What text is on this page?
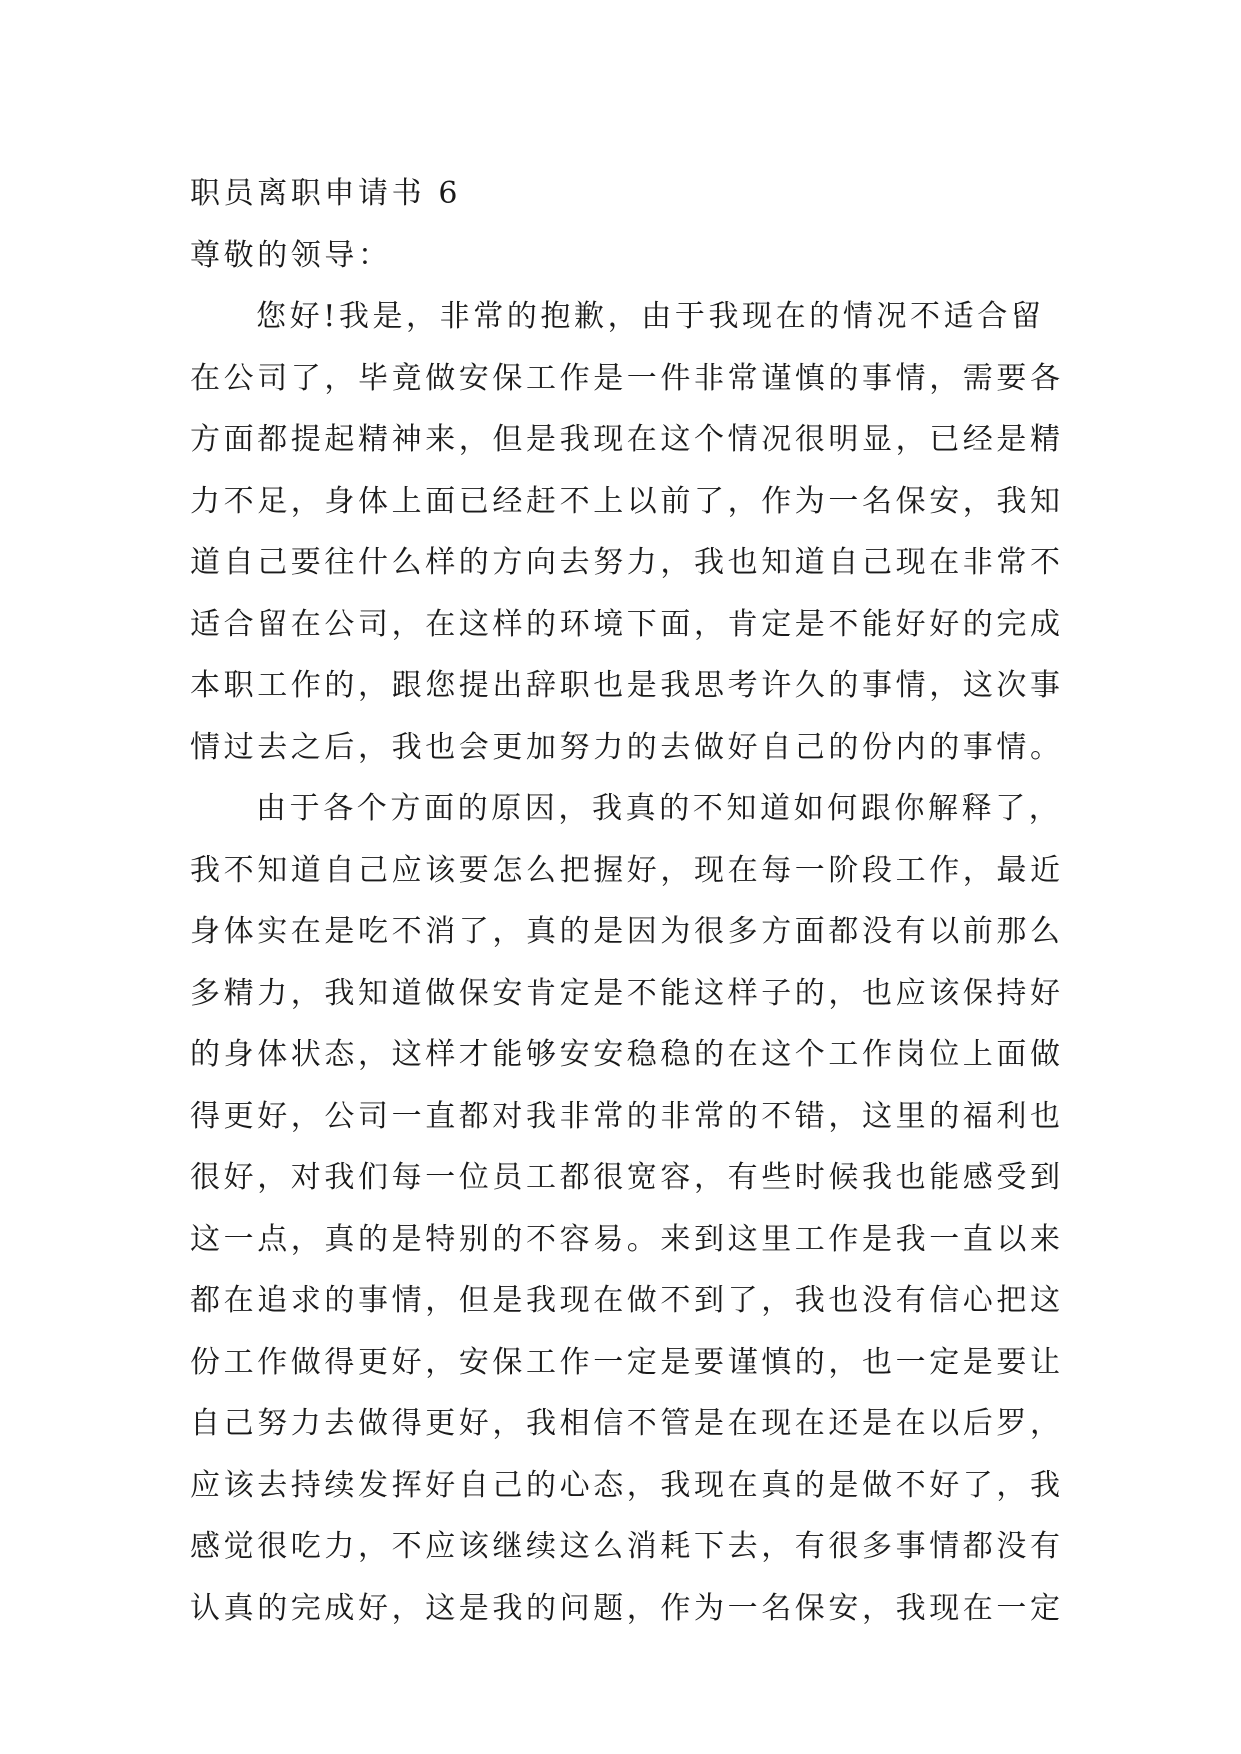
职员离职申请书 6
尊敬的领导：
您好!我是，非常的抱歉，由于我现在的情况不适合留
在公司了，毕竟做安保工作是一件非常谨慎的事情，需要各
方面都提起精神来，但是我现在这个情况很明显，已经是精
力不足，身体上面已经赶不上以前了，作为一名保安，我知
道自己要往什么样的方向去努力，我也知道自己现在非常不
适合留在公司，在这样的环境下面，肯定是不能好好的完成
本职工作的，跟您提出辞职也是我思考许久的事情，这次事
情过去之后，我也会更加努力的去做好自己的份内的事情。
由于各个方面的原因，我真的不知道如何跟你解释了，
我不知道自己应该要怎么把握好，现在每一阶段工作，最近
身体实在是吃不消了，真的是因为很多方面都没有以前那么
多精力，我知道做保安肯定是不能这样子的，也应该保持好
的身体状态，这样才能够安安稳稳的在这个工作岗位上面做
得更好，公司一直都对我非常的非常的不错，这里的福利也
很好，对我们每一位员工都很宽容，有些时候我也能感受到
这一点，真的是特别的不容易。来到这里工作是我一直以来
都在追求的事情，但是我现在做不到了，我也没有信心把这
份工作做得更好，安保工作一定是要谨慎的，也一定是要让
自己努力去做得更好，我相信不管是在现在还是在以后罗，
应该去持续发挥好自己的心态，我现在真的是做不好了，我
感觉很吃力，不应该继续这么消耗下去，有很多事情都没有
认真的完成好，这是我的问题，作为一名保安，我现在一定
